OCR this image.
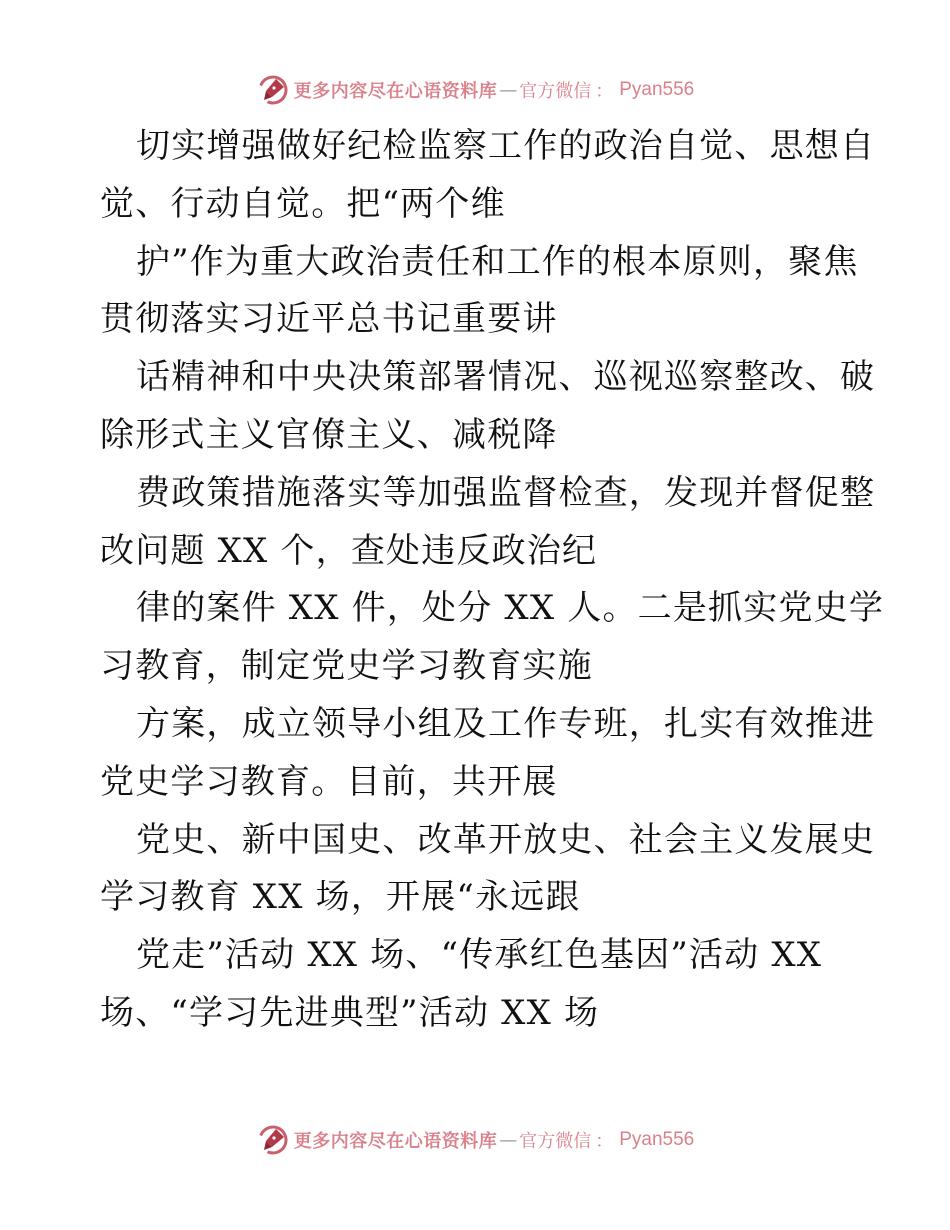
更多内容尽在心语资料库 — 官方微信 ： Pyan556
切实增强做好纪检监察工作的政治自觉、思想自
觉、行动自觉。把“两个维
护”作为重大政治责任和工作的根本原则，聚焦
贯彻落实习近平总书记重要讲
话精神和中央决策部署情况、巡视巡察整改、破
除形式主义官僚主义、减税降
费政策措施落实等加强监督检查，发现并督促整
改问题 XX 个，查处违反政治纪
律的案件 XX 件，处分 XX 人。二是抓实党史学
习教育，制定党史学习教育实施
方案，成立领导小组及工作专班，扎实有效推进
党史学习教育。目前，共开展
党史、新中国史、改革开放史、社会主义发展史
学习教育 XX 场，开展“永远跟
党走”活动 XX 场、“传承红色基因”活动 XX
场、“学习先进典型”活动 XX 场
更多内容尽在心语资料库 — 官方微信 ： Pyan556
